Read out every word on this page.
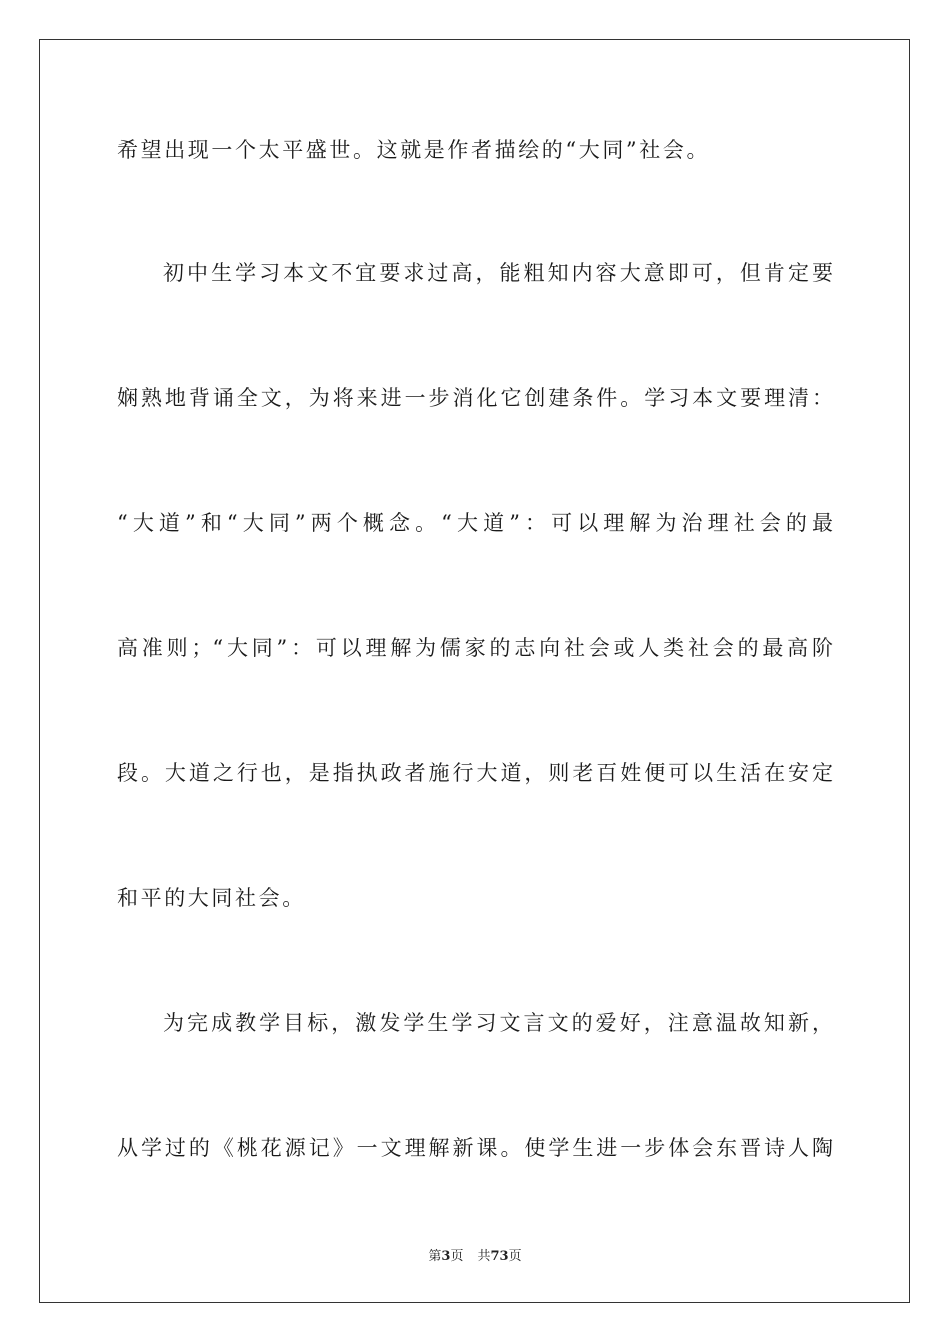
希望出现一个太平盛世。这就是作者描绘的“大同”社会。
初中生学习本文不宜要求过高，能粗知内容大意即可，但肯定要
娴熟地背诵全文，为将来进一步消化它创建条件。学习本文要理清：
“大道”和“大同”两个概念。“大道”：可以理解为治理社会的最
高准则；“大同”：可以理解为儒家的志向社会或人类社会的最高阶
段。大道之行也，是指执政者施行大道，则老百姓便可以生活在安定
和平的大同社会。
为完成教学目标，激发学生学习文言文的爱好，注意温故知新，
从学过的《桃花源记》一文理解新课。使学生进一步体会东晋诗人陶
第3页 共73页
